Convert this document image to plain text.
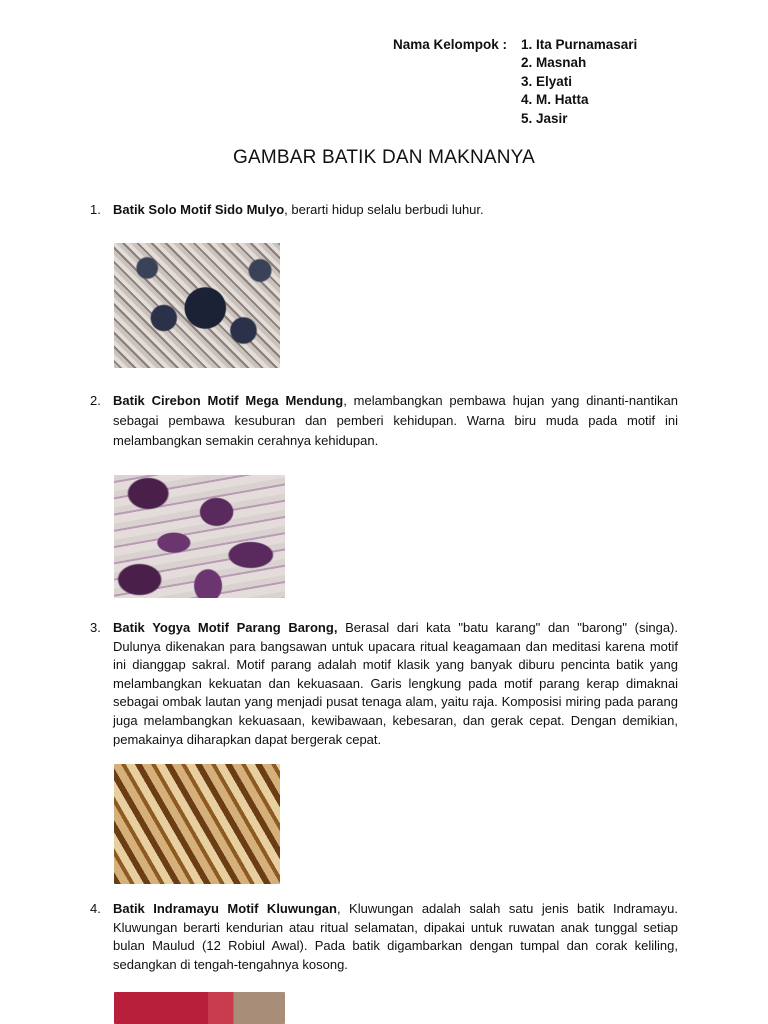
Nama Kelompok :	1. Ita Purnamasari
2. Masnah
3. Elyati
4. M. Hatta
5. Jasir
GAMBAR BATIK DAN MAKNANYA
1. Batik Solo Motif Sido Mulyo, berarti hidup selalu berbudi luhur.
2. Batik Cirebon Motif Mega Mendung, melambangkan pembawa hujan yang dinanti-nantikan sebagai pembawa kesuburan dan pemberi kehidupan. Warna biru muda pada motif ini melambangkan semakin cerahnya kehidupan.
3. Batik Yogya Motif Parang Barong, Berasal dari kata "batu karang" dan "barong" (singa). Dulunya dikenakan para bangsawan untuk upacara ritual keagamaan dan meditasi karena motif ini dianggap sakral. Motif parang adalah motif klasik yang banyak diburu pencinta batik yang melambangkan kekuatan dan kekuasaan. Garis lengkung pada motif parang kerap dimaknai sebagai ombak lautan yang menjadi pusat tenaga alam, yaitu raja. Komposisi miring pada parang juga melambangkan kekuasaan, kewibawaan, kebesaran, dan gerak cepat. Dengan demikian, pemakainya diharapkan dapat bergerak cepat.
4. Batik Indramayu Motif Kluwungan, Kluwungan adalah salah satu jenis batik Indramayu. Kluwungan berarti kendurian atau ritual selamatan, dipakai untuk ruwatan anak tunggal setiap bulan Maulud (12 Robiul Awal). Pada batik digambarkan dengan tumpal dan corak keliling, sedangkan di tengah-tengahnya kosong.
